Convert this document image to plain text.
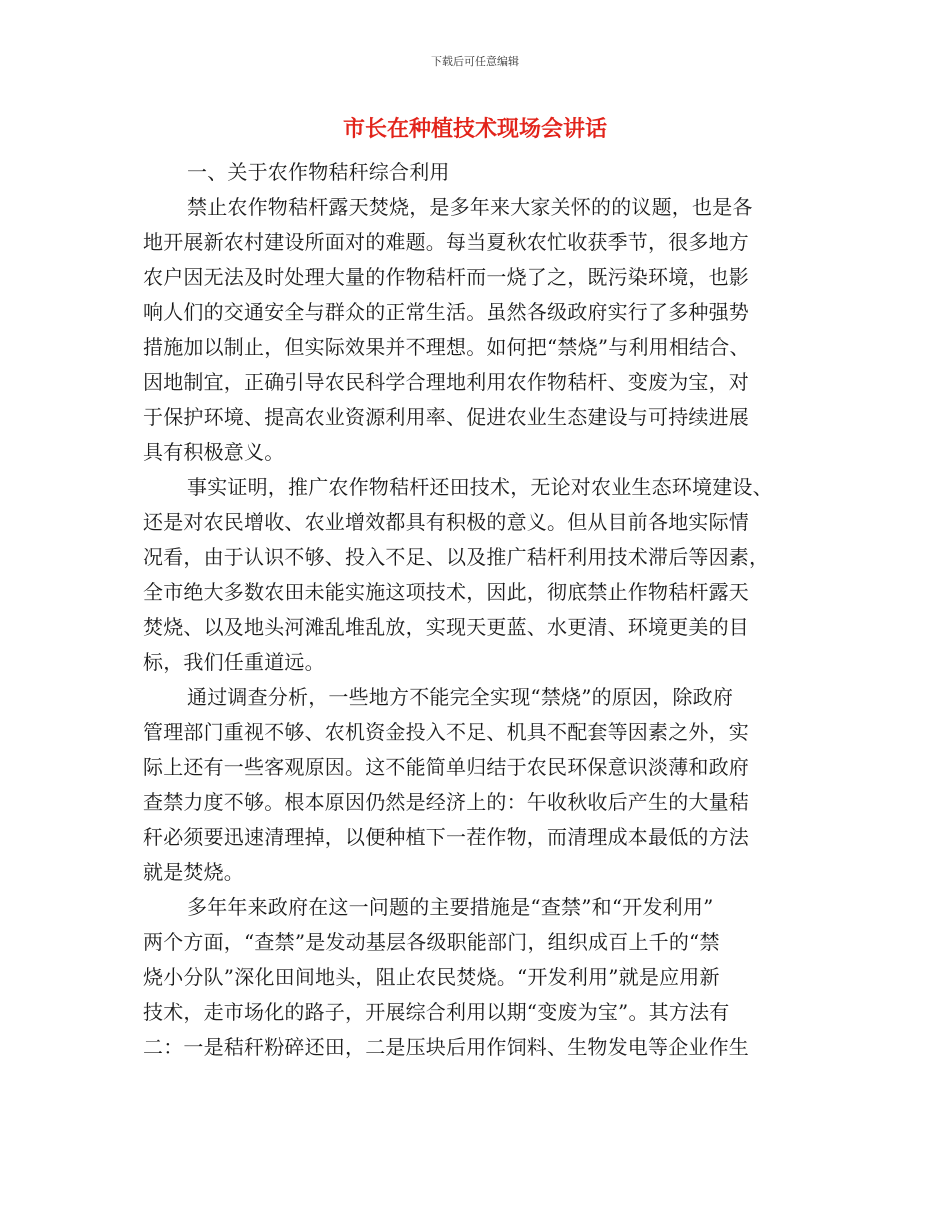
下载后可任意编辑
市长在种植技术现场会讲话
一、关于农作物秸秆综合利用
禁止农作物秸杆露天焚烧，是多年来大家关怀的的议题，也是各
地开展新农村建设所面对的难题。每当夏秋农忙收获季节，很多地方
农户因无法及时处理大量的作物秸杆而一烧了之，既污染环境，也影
响人们的交通安全与群众的正常生活。虽然各级政府实行了多种强势
措施加以制止，但实际效果并不理想。如何把“禁烧”与利用相结合、
因地制宜，正确引导农民科学合理地利用农作物秸杆、变废为宝，对
于保护环境、提高农业资源利用率、促进农业生态建设与可持续进展
具有积极意义。
事实证明，推广农作物秸杆还田技术，无论对农业生态环境建设、
还是对农民增收、农业增效都具有积极的意义。但从目前各地实际情
况看，由于认识不够、投入不足、以及推广秸杆利用技术滞后等因素，
全市绝大多数农田未能实施这项技术，因此，彻底禁止作物秸杆露天
焚烧、以及地头河滩乱堆乱放，实现天更蓝、水更清、环境更美的目
标，我们任重道远。
通过调查分析，一些地方不能完全实现“禁烧”的原因，除政府
管理部门重视不够、农机资金投入不足、机具不配套等因素之外，实
际上还有一些客观原因。这不能简单归结于农民环保意识淡薄和政府
查禁力度不够。根本原因仍然是经济上的：午收秋收后产生的大量秸
秆必须要迅速清理掉，以便种植下一茬作物，而清理成本最低的方法
就是焚烧。
多年年来政府在这一问题的主要措施是“查禁”和“开发利用”
两个方面，“查禁”是发动基层各级职能部门，组织成百上千的“禁
烧小分队”深化田间地头，阻止农民焚烧。“开发利用”就是应用新
技术，走市场化的路子，开展综合利用以期“变废为宝”。其方法有
二：一是秸秆粉碎还田，二是压块后用作饲料、生物发电等企业作生
